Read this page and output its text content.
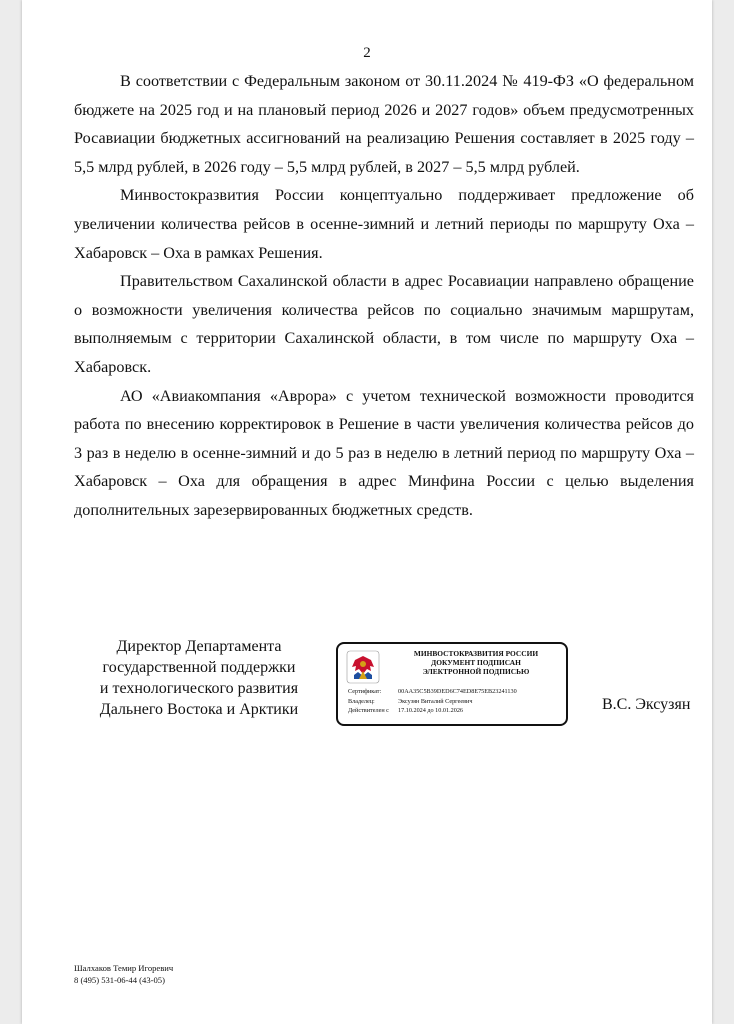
2

В соответствии с Федеральным законом от 30.11.2024 № 419-ФЗ «О федеральном бюджете на 2025 год и на плановый период 2026 и 2027 годов» объем предусмотренных Росавиации бюджетных ассигнований на реализацию Решения составляет в 2025 году – 5,5 млрд рублей, в 2026 году – 5,5 млрд рублей, в 2027 – 5,5 млрд рублей.

Минвостокразвития России концептуально поддерживает предложение об увеличении количества рейсов в осенне-зимний и летний периоды по маршруту Оха – Хабаровск – Оха в рамках Решения.

Правительством Сахалинской области в адрес Росавиации направлено обращение о возможности увеличения количества рейсов по социально значимым маршрутам, выполняемым с территории Сахалинской области, в том числе по маршруту Оха – Хабаровск.

АО «Авиакомпания «Аврора» с учетом технической возможности проводится работа по внесению корректировок в Решение в части увеличения количества рейсов до 3 раз в неделю в осенне-зимний и до 5 раз в неделю в летний период по маршруту Оха – Хабаровск – Оха для обращения в адрес Минфина России с целью выделения дополнительных зарезервированных бюджетных средств.

Директор Департамента
государственной поддержки
и технологического развития
Дальнего Востока и Арктики
МИНВОСТОКРАЗВИТИЯ РОССИИ
ДОКУМЕНТ ПОДПИСАН
ЭЛЕКТРОННОЙ ПОДПИСЬЮ
Сертификат:	00AA35C5B39DED6C74ED8E75EB23241130
Владелец:	Эксузян Виталий Сергеевич
Действителен с	17.10.2024 до 10.01.2026	В.С. Эксузян
Шалхаков Темир Игоревич
8 (495) 531-06-44 (43-05)
